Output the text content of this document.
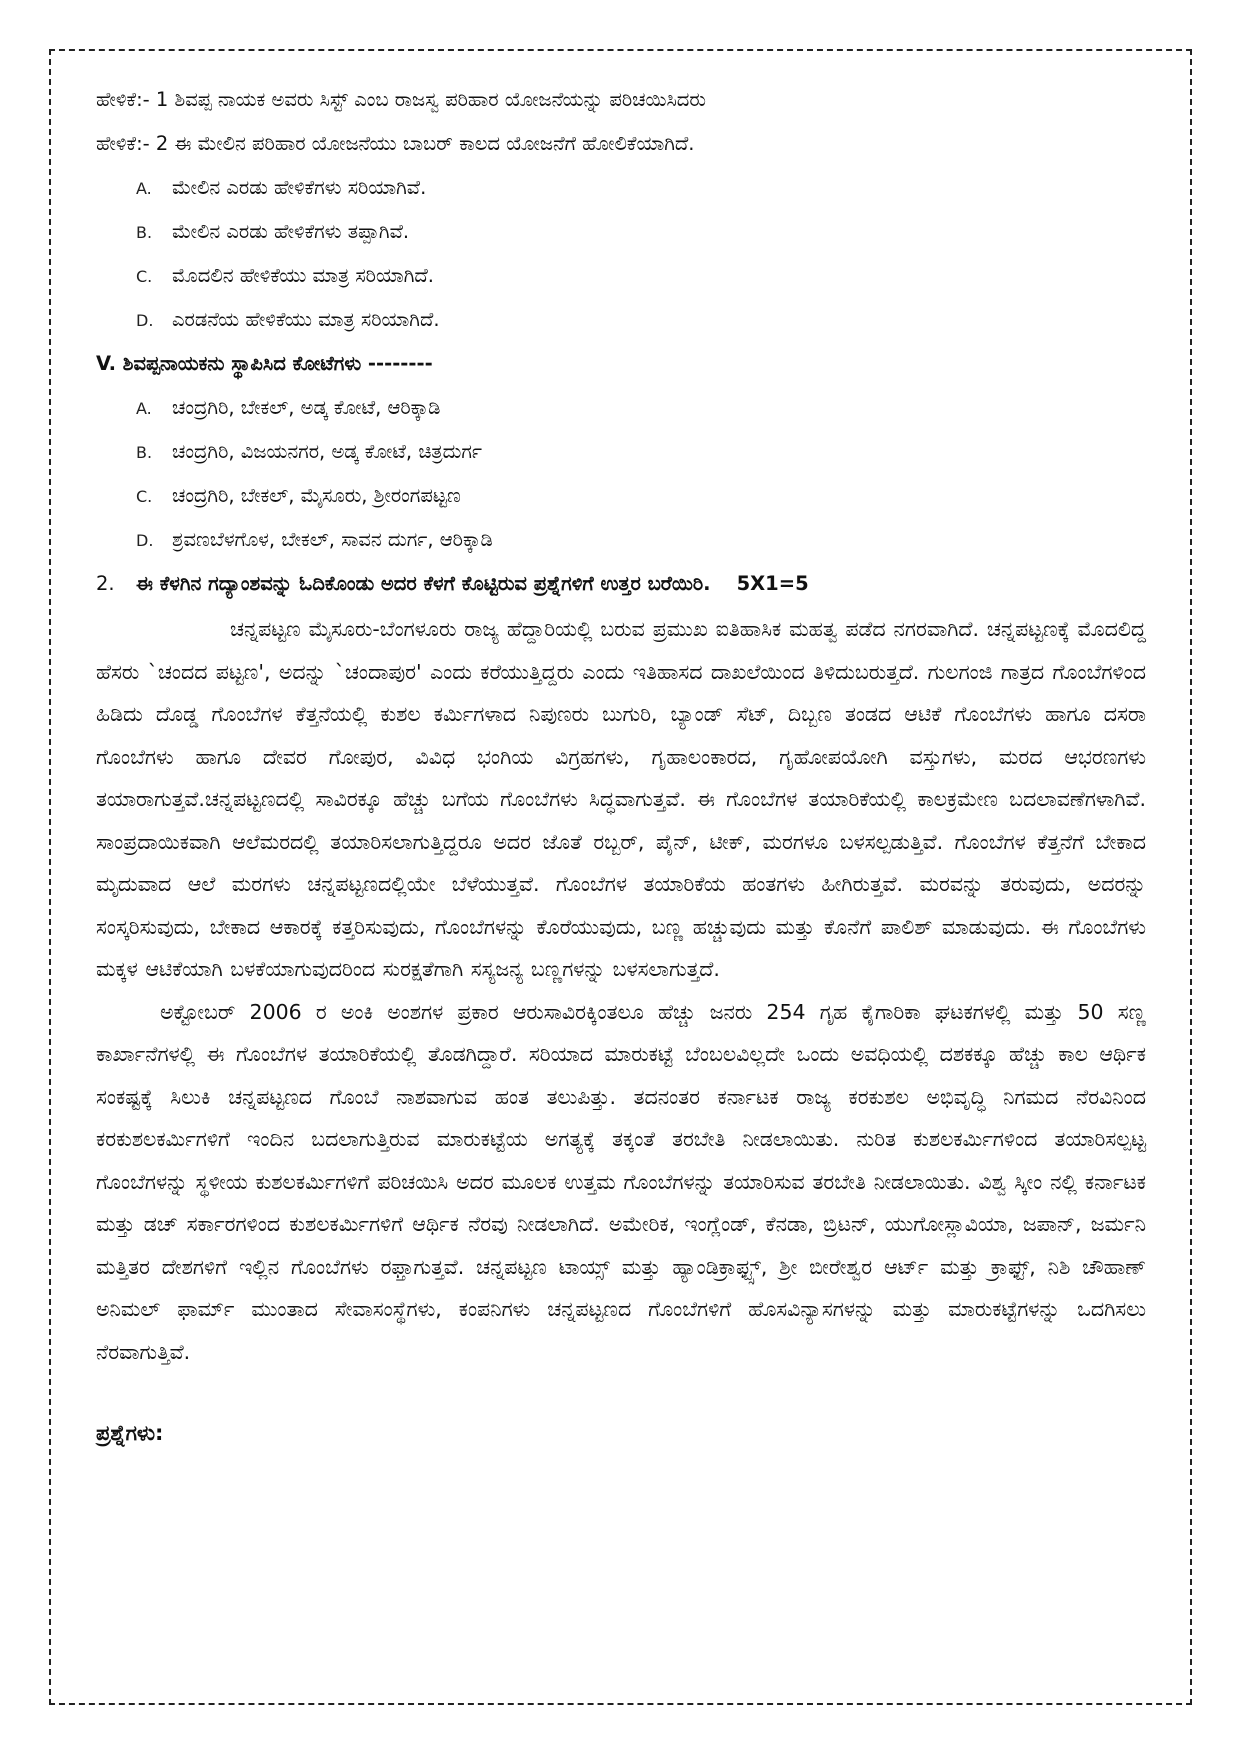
ಹೇಳಿಕೆ:- 1 ಶಿವಪ್ಪ ನಾಯಕ ಅವರು ಸಿಸ್ಟ್ ಎಂಬ ರಾಜಸ್ವ ಪರಿಹಾರ ಯೋಜನೆಯನ್ನು ಪರಿಚಯಿಸಿದರು
ಹೇಳಿಕೆ:- 2 ಈ ಮೇಲಿನ ಪರಿಹಾರ ಯೋಜನೆಯು ಬಾಬರ್ ಕಾಲದ ಯೋಜನೆಗೆ ಹೋಲಿಕೆಯಾಗಿದೆ.
A. ಮೇಲಿನ ಎರಡು ಹೇಳಿಕೆಗಳು ಸರಿಯಾಗಿವೆ.
B. ಮೇಲಿನ ಎರಡು ಹೇಳಿಕೆಗಳು ತಪ್ಪಾಗಿವೆ.
C. ಮೊದಲಿನ ಹೇಳಿಕೆಯು ಮಾತ್ರ ಸರಿಯಾಗಿದೆ.
D. ಎರಡನೆಯ ಹೇಳಿಕೆಯು ಮಾತ್ರ ಸರಿಯಾಗಿದೆ.
V. ಶಿವಪ್ಪನಾಯಕನು ಸ್ಥಾಪಿಸಿದ ಕೋಟೆಗಳು --------
A. ಚಂದ್ರಗಿರಿ, ಬೇಕಲ್, ಅಡ್ಕ ಕೋಟೆ, ಆರಿಕ್ಕಾಡಿ
B. ಚಂದ್ರಗಿರಿ, ವಿಜಯನಗರ, ಅಡ್ಕ ಕೋಟೆ, ಚಿತ್ರದುರ್ಗ
C. ಚಂದ್ರಗಿರಿ, ಬೇಕಲ್, ಮೈಸೂರು, ಶ್ರೀರಂಗಪಟ್ಟಣ
D. ಶ್ರವಣಬೆಳಗೊಳ, ಬೇಕಲ್, ಸಾವನ ದುರ್ಗ, ಆರಿಕ್ಕಾಡಿ
2. ಈ ಕೆಳಗಿನ ಗದ್ಯಾಂಶವನ್ನು ಓದಿಕೊಂಡು ಅದರ ಕೆಳಗೆ ಕೊಟ್ಟಿರುವ ಪ್ರಶ್ನೆಗಳಿಗೆ ಉತ್ತರ ಬರೆಯಿರಿ. 5X1=5
ಚನ್ನಪಟ್ಟಣ ಮೈಸೂರು-ಬೆಂಗಳೂರು ರಾಜ್ಯ ಹೆದ್ದಾರಿಯಲ್ಲಿ ಬರುವ ಪ್ರಮುಖ ಐತಿಹಾಸಿಕ ಮಹತ್ವ ಪಡೆದ ನಗರವಾಗಿದೆ. ಚನ್ನಪಟ್ಟಣಕ್ಕೆ ಮೊದಲಿದ್ದ ಹೆಸರು `ಚಂದದ ಪಟ್ಟಣ', ಅದನ್ನು `ಚಂದಾಪುರ' ಎಂದು ಕರೆಯುತ್ತಿದ್ದರು ಎಂದು ಇತಿಹಾಸದ ದಾಖಲೆಯಿಂದ ತಿಳಿದುಬರುತ್ತದೆ. ಗುಲಗಂಜಿ ಗಾತ್ರದ ಗೊಂಬೆಗಳಿಂದ ಹಿಡಿದು ದೊಡ್ಡ ಗೊಂಬೆಗಳ ಕೆತ್ತನೆಯಲ್ಲಿ ಕುಶಲ ಕರ್ಮಿಗಳಾದ ನಿಪುಣರು ಬುಗುರಿ, ಬ್ಯಾಂಡ್ ಸೆಟ್, ದಿಬ್ಬಣ ತಂಡದ ಆಟಿಕೆ ಗೊಂಬೆಗಳು ಹಾಗೂ ದಸರಾ ಗೊಂಬೆಗಳು ಹಾಗೂ ದೇವರ ಗೋಪುರ, ವಿವಿಧ ಭಂಗಿಯ ವಿಗ್ರಹಗಳು, ಗೃಹಾಲಂಕಾರದ, ಗೃಹೋಪಯೋಗಿ ವಸ್ತುಗಳು, ಮರದ ಆಭರಣಗಳು ತಯಾರಾಗುತ್ತವೆ.ಚನ್ನಪಟ್ಟಣದಲ್ಲಿ ಸಾವಿರಕ್ಕೂ ಹೆಚ್ಚು ಬಗೆಯ ಗೊಂಬೆಗಳು ಸಿದ್ಧವಾಗುತ್ತವೆ. ಈ ಗೊಂಬೆಗಳ ತಯಾರಿಕೆಯಲ್ಲಿ ಕಾಲಕ್ರಮೇಣ ಬದಲಾವಣೆಗಳಾಗಿವೆ. ಸಾಂಪ್ರದಾಯಿಕವಾಗಿ ಆಲೆಮರದಲ್ಲಿ ತಯಾರಿಸಲಾಗುತ್ತಿದ್ದರೂ ಅದರ ಜೊತೆ ರಬ್ಬರ್, ಪೈನ್, ಟೀಕ್, ಮರಗಳೂ ಬಳಸಲ್ಪಡುತ್ತಿವೆ. ಗೊಂಬೆಗಳ ಕೆತ್ತನೆಗೆ ಬೇಕಾದ ಮೃದುವಾದ ಆಲೆ ಮರಗಳು ಚನ್ನಪಟ್ಟಣದಲ್ಲಿಯೇ ಬೆಳೆಯುತ್ತವೆ. ಗೊಂಬೆಗಳ ತಯಾರಿಕೆಯ ಹಂತಗಳು ಹೀಗಿರುತ್ತವೆ. ಮರವನ್ನು ತರುವುದು, ಅದರನ್ನು ಸಂಸ್ಕರಿಸುವುದು, ಬೇಕಾದ ಆಕಾರಕ್ಕೆ ಕತ್ತರಿಸುವುದು, ಗೊಂಬೆಗಳನ್ನು ಕೊರೆಯುವುದು, ಬಣ್ಣ ಹಚ್ಚುವುದು ಮತ್ತು ಕೊನೆಗೆ ಪಾಲಿಶ್ ಮಾಡುವುದು. ಈ ಗೊಂಬೆಗಳು ಮಕ್ಕಳ ಆಟಿಕೆಯಾಗಿ ಬಳಕೆಯಾಗುವುದರಿಂದ ಸುರಕ್ಷತೆಗಾಗಿ ಸಸ್ಯಜನ್ಯ ಬಣ್ಣಗಳನ್ನು ಬಳಸಲಾಗುತ್ತದೆ.
ಅಕ್ಟೋಬರ್ 2006 ರ ಅಂಕಿ ಅಂಶಗಳ ಪ್ರಕಾರ ಆರುಸಾವಿರಕ್ಕಿಂತಲೂ ಹೆಚ್ಚು ಜನರು 254 ಗೃಹ ಕೈಗಾರಿಕಾ ಘಟಕಗಳಲ್ಲಿ ಮತ್ತು 50 ಸಣ್ಣ ಕಾರ್ಖಾನೆಗಳಲ್ಲಿ ಈ ಗೊಂಬೆಗಳ ತಯಾರಿಕೆಯಲ್ಲಿ ತೊಡಗಿದ್ದಾರೆ. ಸರಿಯಾದ ಮಾರುಕಟ್ಟೆ ಬೆಂಬಲವಿಲ್ಲದೇ ಒಂದು ಅವಧಿಯಲ್ಲಿ ದಶಕಕ್ಕೂ ಹೆಚ್ಚು ಕಾಲ ಆರ್ಥಿಕ ಸಂಕಷ್ಟಕ್ಕೆ ಸಿಲುಕಿ ಚನ್ನಪಟ್ಟಣದ ಗೊಂಬೆ ನಾಶವಾಗುವ ಹಂತ ತಲುಪಿತ್ತು. ತದನಂತರ ಕರ್ನಾಟಕ ರಾಜ್ಯ ಕರಕುಶಲ ಅಭಿವೃದ್ಧಿ ನಿಗಮದ ನೆರವಿನಿಂದ ಕರಕುಶಲಕರ್ಮಿಗಳಿಗೆ ಇಂದಿನ ಬದಲಾಗುತ್ತಿರುವ ಮಾರುಕಟ್ಟೆಯ ಅಗತ್ಯಕ್ಕೆ ತಕ್ಕಂತೆ ತರಬೇತಿ ನೀಡಲಾಯಿತು. ನುರಿತ ಕುಶಲಕರ್ಮಿಗಳಿಂದ ತಯಾರಿಸಲ್ಪಟ್ಟ ಗೊಂಬೆಗಳನ್ನು ಸ್ಥಳೀಯ ಕುಶಲಕರ್ಮಿಗಳಿಗೆ ಪರಿಚಯಿಸಿ ಅದರ ಮೂಲಕ ಉತ್ತಮ ಗೊಂಬೆಗಳನ್ನು ತಯಾರಿಸುವ ತರಬೇತಿ ನೀಡಲಾಯಿತು. ವಿಶ್ವ ಸ್ಕೀಂ ನಲ್ಲಿ ಕರ್ನಾಟಕ ಮತ್ತು ಡಚ್ ಸರ್ಕಾರಗಳಿಂದ ಕುಶಲಕರ್ಮಿಗಳಿಗೆ ಆರ್ಥಿಕ ನೆರವು ನೀಡಲಾಗಿದೆ. ಅಮೇರಿಕ, ಇಂಗ್ಲೆಂಡ್, ಕೆನಡಾ, ಬ್ರಿಟನ್, ಯುಗೋಸ್ಲಾವಿಯಾ, ಜಪಾನ್, ಜರ್ಮನಿ ಮತ್ತಿತರ ದೇಶಗಳಿಗೆ ಇಲ್ಲಿನ ಗೊಂಬೆಗಳು ರಫ್ತಾಗುತ್ತವೆ. ಚನ್ನಪಟ್ಟಣ ಟಾಯ್ಸ್ ಮತ್ತು ಹ್ಯಾಂಡಿಕ್ರಾಫ್ಟ್ಸ್, ಶ್ರೀ ಬೀರೇಶ್ವರ ಆರ್ಟ್ ಮತ್ತು ಕ್ರಾಫ್ಟ್, ನಿಶಿ ಚೌಹಾಣ್ ಅನಿಮಲ್ ಫಾರ್ಮ್ ಮುಂತಾದ ಸೇವಾಸಂಸ್ಥೆಗಳು, ಕಂಪನಿಗಳು ಚನ್ನಪಟ್ಟಣದ ಗೊಂಬೆಗಳಿಗೆ ಹೊಸವಿನ್ಯಾಸಗಳನ್ನು ಮತ್ತು ಮಾರುಕಟ್ಟೆಗಳನ್ನು ಒದಗಿಸಲು ನೆರವಾಗುತ್ತಿವೆ.
ಪ್ರಶ್ನೆಗಳು:
